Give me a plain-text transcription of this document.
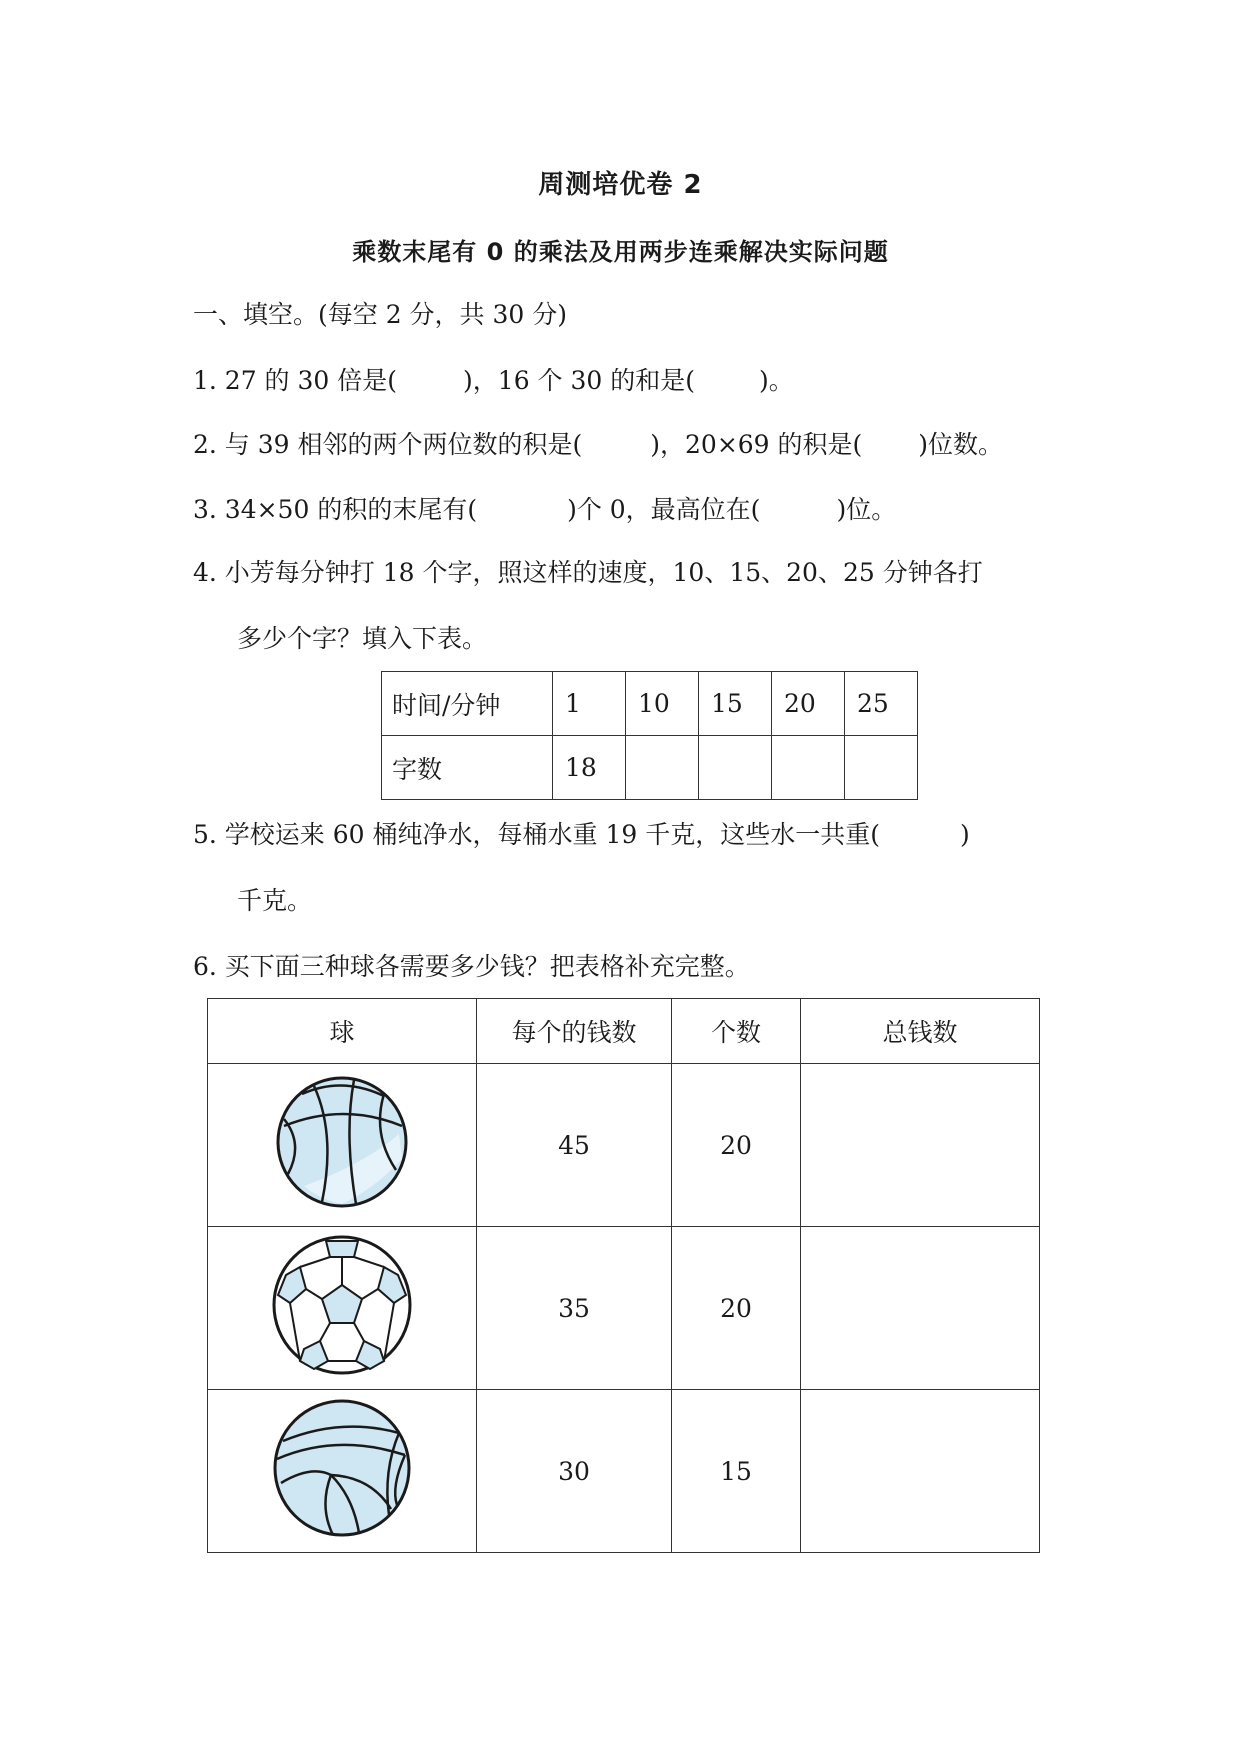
周测培优卷 2
乘数末尾有 0 的乘法及用两步连乘解决实际问题
一、填空。(每空 2 分，共 30 分)
1. 27 的 30 倍是(	)，16 个 30 的和是(	)。
2. 与 39 相邻的两个两位数的积是(	)，20×69 的积是( )位数。
3. 34×50 的积的末尾有(	)个 0，最高位在(	)位。
4. 小芳每分钟打 18 个字，照这样的速度，10、15、20、25 分钟各打
多少个字？填入下表。
时间/分钟	1	10	15	20	25
字数	18				
5. 学校运来 60 桶纯净水，每桶水重 19 千克，这些水一共重(	)
千克。
6. 买下面三种球各需要多少钱？把表格补充完整。
球	每个的钱数	个数	总钱数
	45	20	
	35	20	
	30	15	
